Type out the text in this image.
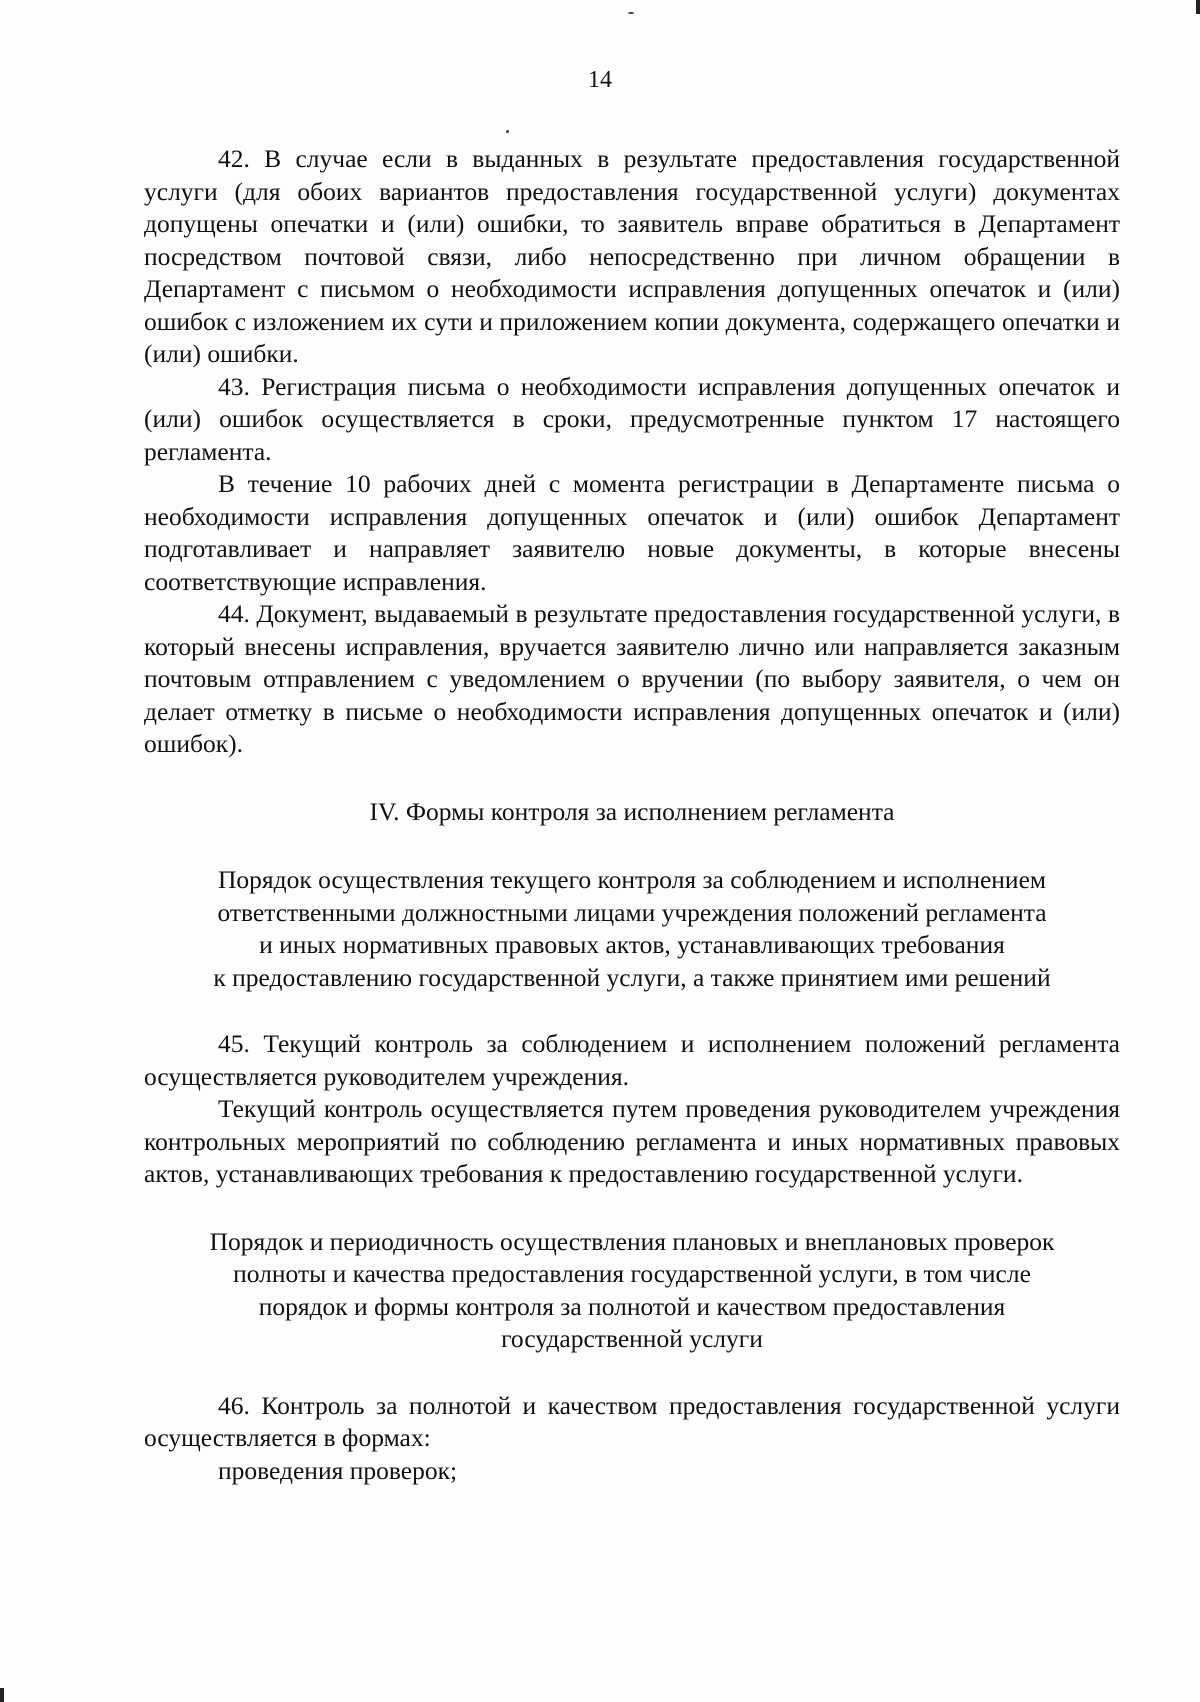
14

42. В случае если в выданных в результате предоставления государственной услуги (для обоих вариантов предоставления государственной услуги) документах допущены опечатки и (или) ошибки, то заявитель вправе обратиться в Департамент посредством почтовой связи, либо непосредственно при личном обращении в Департамент с письмом о необходимости исправления допущенных опечаток и (или) ошибок с изложением их сути и приложением копии документа, содержащего опечатки и (или) ошибки.

43. Регистрация письма о необходимости исправления допущенных опечаток и (или) ошибок осуществляется в сроки, предусмотренные пунктом 17 настоящего регламента.

В течение 10 рабочих дней с момента регистрации в Департаменте письма о необходимости исправления допущенных опечаток и (или) ошибок Департамент подготавливает и направляет заявителю новые документы, в которые внесены соответствующие исправления.

44. Документ, выдаваемый в результате предоставления государственной услуги, в который внесены исправления, вручается заявителю лично или направляется заказным почтовым отправлением с уведомлением о вручении (по выбору заявителя, о чем он делает отметку в письме о необходимости исправления допущенных опечаток и (или) ошибок).

IV. Формы контроля за исполнением регламента

Порядок осуществления текущего контроля за соблюдением и исполнением
ответственными должностными лицами учреждения положений регламента
и иных нормативных правовых актов, устанавливающих требования
к предоставлению государственной услуги, а также принятием ими решений

45. Текущий контроль за соблюдением и исполнением положений регламента осуществляется руководителем учреждения.

Текущий контроль осуществляется путем проведения руководителем учреждения контрольных мероприятий по соблюдению регламента и иных нормативных правовых актов, устанавливающих требования к предоставлению государственной услуги.

Порядок и периодичность осуществления плановых и внеплановых проверок
полноты и качества предоставления государственной услуги, в том числе
порядок и формы контроля за полнотой и качеством предоставления
государственной услуги

46. Контроль за полнотой и качеством предоставления государственной услуги осуществляется в формах:

проведения проверок;
